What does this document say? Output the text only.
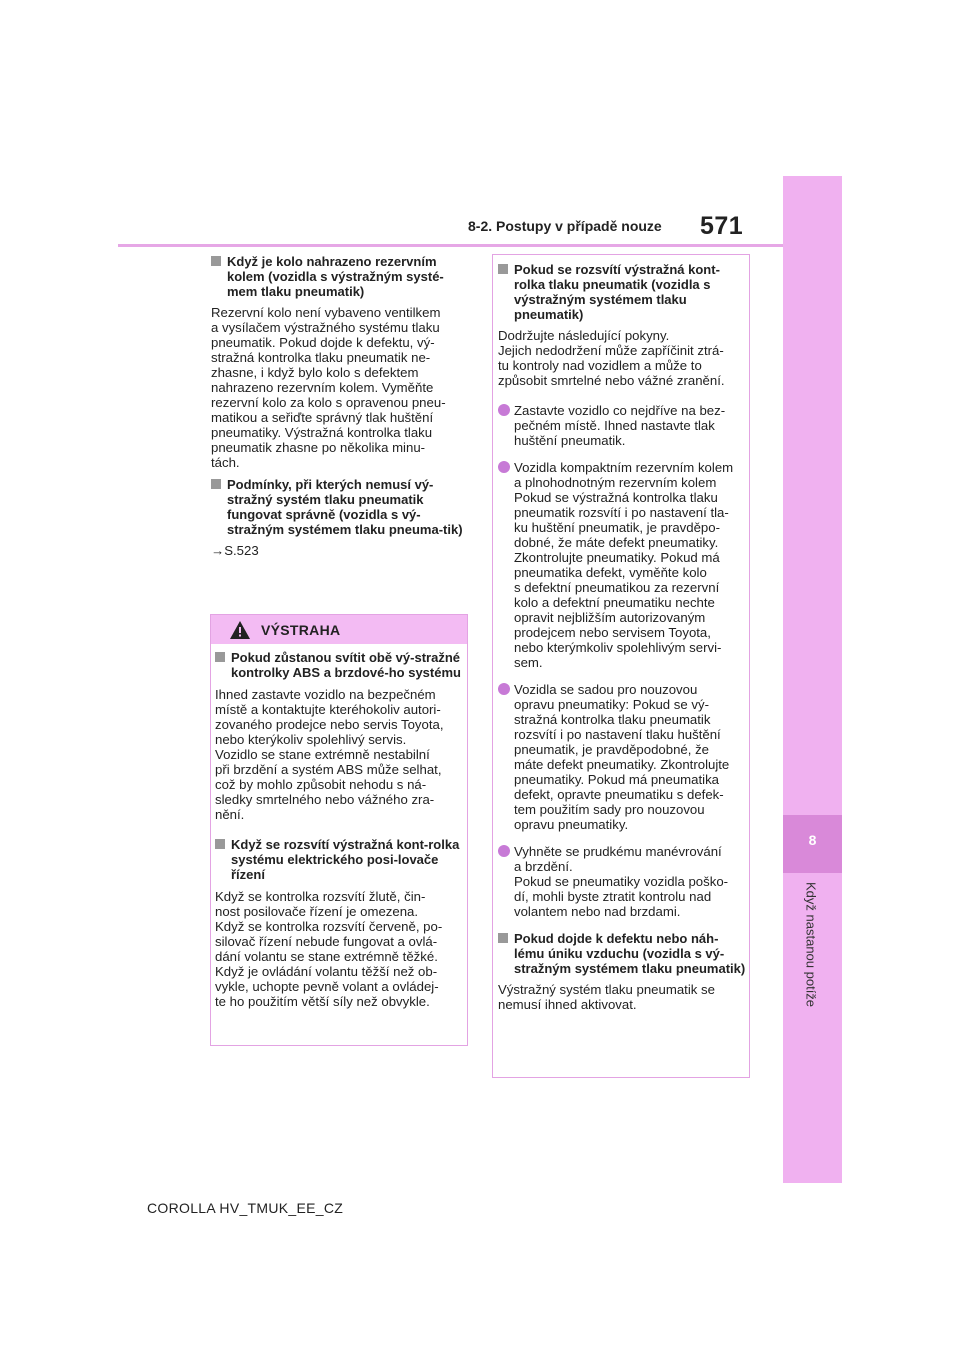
8-2. Postupy v případě nouze 571
8
Když nastanou potíže
Když je kolo nahrazeno rezervním kolem (vozidla s výstražným systé-mem tlaku pneumatik)
Rezervní kolo není vybaveno ventilkem
a vysílačem výstražného systému tlaku
pneumatik. Pokud dojde k defektu, vý-
stražná kontrolka tlaku pneumatik ne-
zhasne, i když bylo kolo s defektem
nahrazeno rezervním kolem. Vyměňte
rezervní kolo za kolo s opravenou pneu-
matikou a seřiďte správný tlak huštění
pneumatiky. Výstražná kontrolka tlaku
pneumatik zhasne po několika minu-
tách.
Podmínky, při kterých nemusí vý-stražný systém tlaku pneumatik fungovat správně (vozidla s vý-stražným systémem tlaku pneuma-tik)
→S.523
VÝSTRAHA
Pokud zůstanou svítit obě vý-stražné kontrolky ABS a brzdové-ho systému
Ihned zastavte vozidlo na bezpečném
místě a kontaktujte kteréhokoliv autori-
zovaného prodejce nebo servis Toyota,
nebo kterýkoliv spolehlivý servis.
Vozidlo se stane extrémně nestabilní
při brzdění a systém ABS může selhat,
což by mohlo způsobit nehodu s ná-
sledky smrtelného nebo vážného zra-
nění.
Když se rozsvítí výstražná kont-rolka systému elektrického posi-lovače řízení
Když se kontrolka rozsvítí žlutě, čin-
nost posilovače řízení je omezena.
Když se kontrolka rozsvítí červeně, po-
silovač řízení nebude fungovat a ovlá-
dání volantu se stane extrémně těžké.
Když je ovládání volantu těžší než ob-
vykle, uchopte pevně volant a ovládej-
te ho použitím větší síly než obvykle.
Pokud se rozsvítí výstražná kont-rolka tlaku pneumatik (vozidla s výstražným systémem tlaku pneumatik)
Dodržujte následující pokyny.
Jejich nedodržení může zapříčinit ztrá-
tu kontroly nad vozidlem a může to
způsobit smrtelné nebo vážné zranění.
Zastavte vozidlo co nejdříve na bez-
pečném místě. Ihned nastavte tlak
huštění pneumatik.
Vozidla kompaktním rezervním kolem
a plnohodnotným rezervním kolem
Pokud se výstražná kontrolka tlaku
pneumatik rozsvítí i po nastavení tla-
ku huštění pneumatik, je pravděpo-
dobné, že máte defekt pneumatiky.
Zkontrolujte pneumatiky. Pokud má
pneumatika defekt, vyměňte kolo
s defektní pneumatikou za rezervní
kolo a defektní pneumatiku nechte
opravit nejbližším autorizovaným
prodejcem nebo servisem Toyota,
nebo kterýmkoliv spolehlivým servi-
sem.
Vozidla se sadou pro nouzovou
opravu pneumatiky: Pokud se vý-
stražná kontrolka tlaku pneumatik
rozsvítí i po nastavení tlaku huštění
pneumatik, je pravděpodobné, že
máte defekt pneumatiky. Zkontrolujte
pneumatiky. Pokud má pneumatika
defekt, opravte pneumatiku s defek-
tem použitím sady pro nouzovou
opravu pneumatiky.
Vyhněte se prudkému manévrování
a brzdění.
Pokud se pneumatiky vozidla poško-
dí, mohli byste ztratit kontrolu nad
volantem nebo nad brzdami.
Pokud dojde k defektu nebo náh-lému úniku vzduchu (vozidla s vý-stražným systémem tlaku pneumatik)
Výstražný systém tlaku pneumatik se
nemusí ihned aktivovat.
COROLLA HV_TMUK_EE_CZ
